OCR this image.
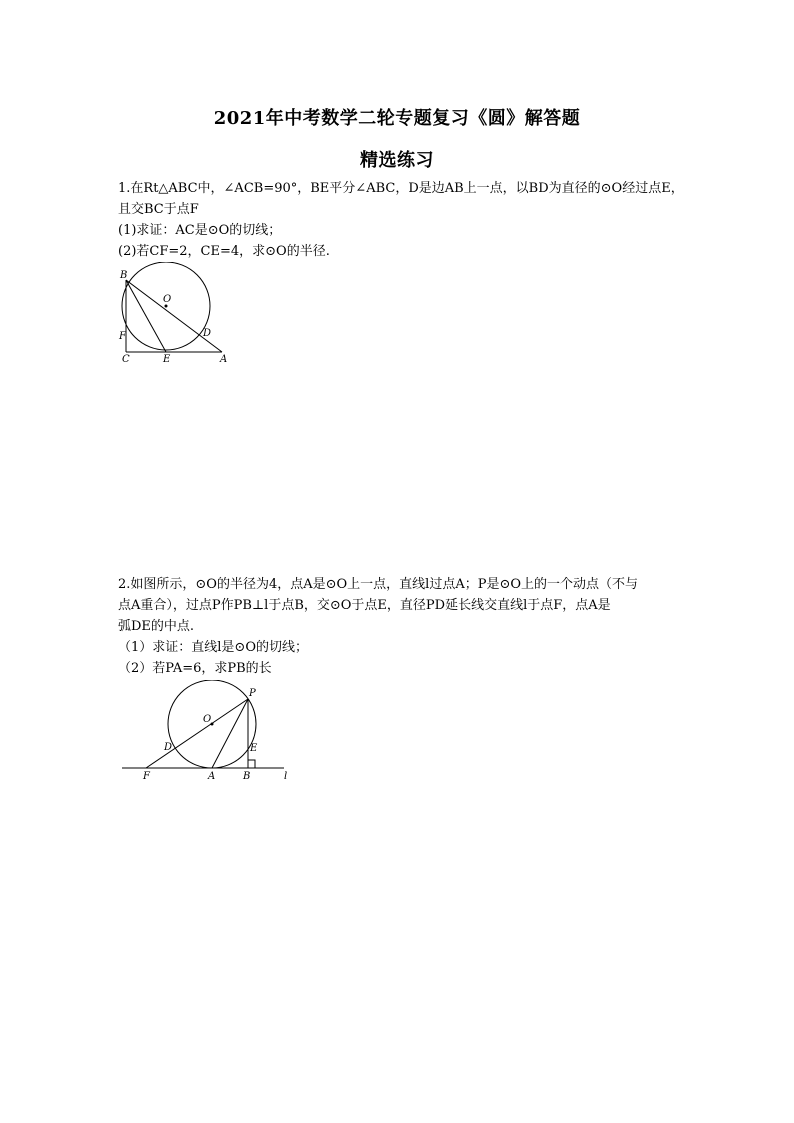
2021年中考数学二轮专题复习《圆》解答题
精选练习
1.在Rt△ABC中，∠ACB=90°，BE平分∠ABC，D是边AB上一点，以BD为直径的⊙O经过点E，
且交BC于点F
(1)求证：AC是⊙O的切线；
(2)若CF=2，CE=4，求⊙O的半径.
B
O
F	D
C	E	A
2.如图所示，⊙O的半径为4，点A是⊙O上一点，直线l过点A；P是⊙O上的一个动点（不与
点A重合），过点P作PB⊥l于点B，交⊙O于点E，直径PD延长线交直线l于点F，点A是
弧DE的中点.
（1）求证：直线l是⊙O的切线；
（2）若PA=6，求PB的长
O
P
D	E
F	A	B	l
